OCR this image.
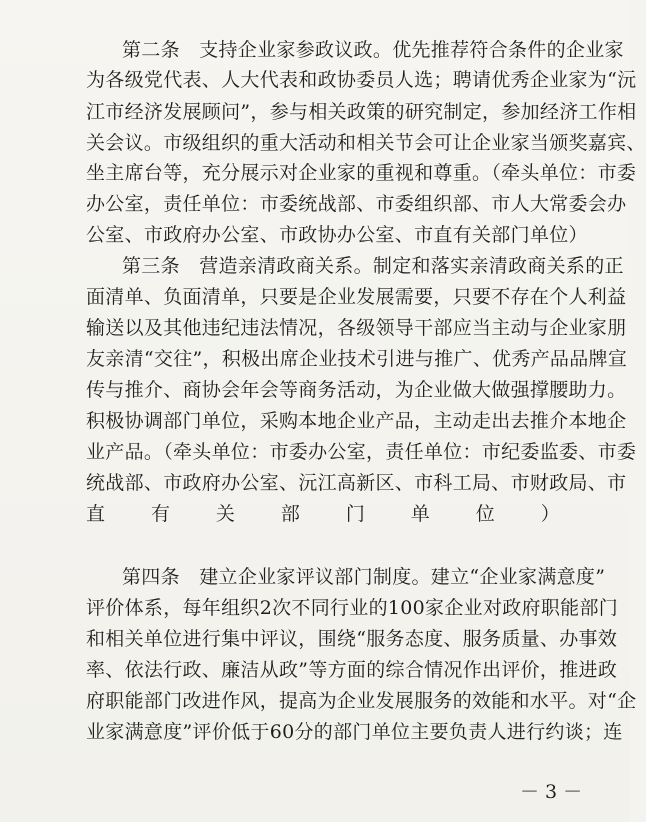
第二条　支持企业家参政议政。优先推荐符合条件的企业家
为各级党代表、人大代表和政协委员人选；聘请优秀企业家为“沅
江市经济发展顾问”，参与相关政策的研究制定，参加经济工作相
关会议。市级组织的重大活动和相关节会可让企业家当颁奖嘉宾、
坐主席台等，充分展示对企业家的重视和尊重。（牵头单位：市委
办公室，责任单位：市委统战部、市委组织部、市人大常委会办
公室、市政府办公室、市政协办公室、市直有关部门单位）
第三条　营造亲清政商关系。制定和落实亲清政商关系的正
面清单、负面清单，只要是企业发展需要，只要不存在个人利益
输送以及其他违纪违法情况，各级领导干部应当主动与企业家朋
友亲清“交往”，积极出席企业技术引进与推广、优秀产品品牌宣
传与推介、商协会年会等商务活动，为企业做大做强撑腰助力。
积极协调部门单位，采购本地企业产品，主动走出去推介本地企
业产品。（牵头单位：市委办公室，责任单位：市纪委监委、市委
统战部、市政府办公室、沅江高新区、市科工局、市财政局、市
直有关部门单位）
第四条　建立企业家评议部门制度。建立“企业家满意度”
评价体系，每年组织2次不同行业的100家企业对政府职能部门
和相关单位进行集中评议，围绕“服务态度、服务质量、办事效
率、依法行政、廉洁从政”等方面的综合情况作出评价，推进政
府职能部门改进作风，提高为企业发展服务的效能和水平。对“企
业家满意度”评价低于60分的部门单位主要负责人进行约谈；连
－ 3 －
